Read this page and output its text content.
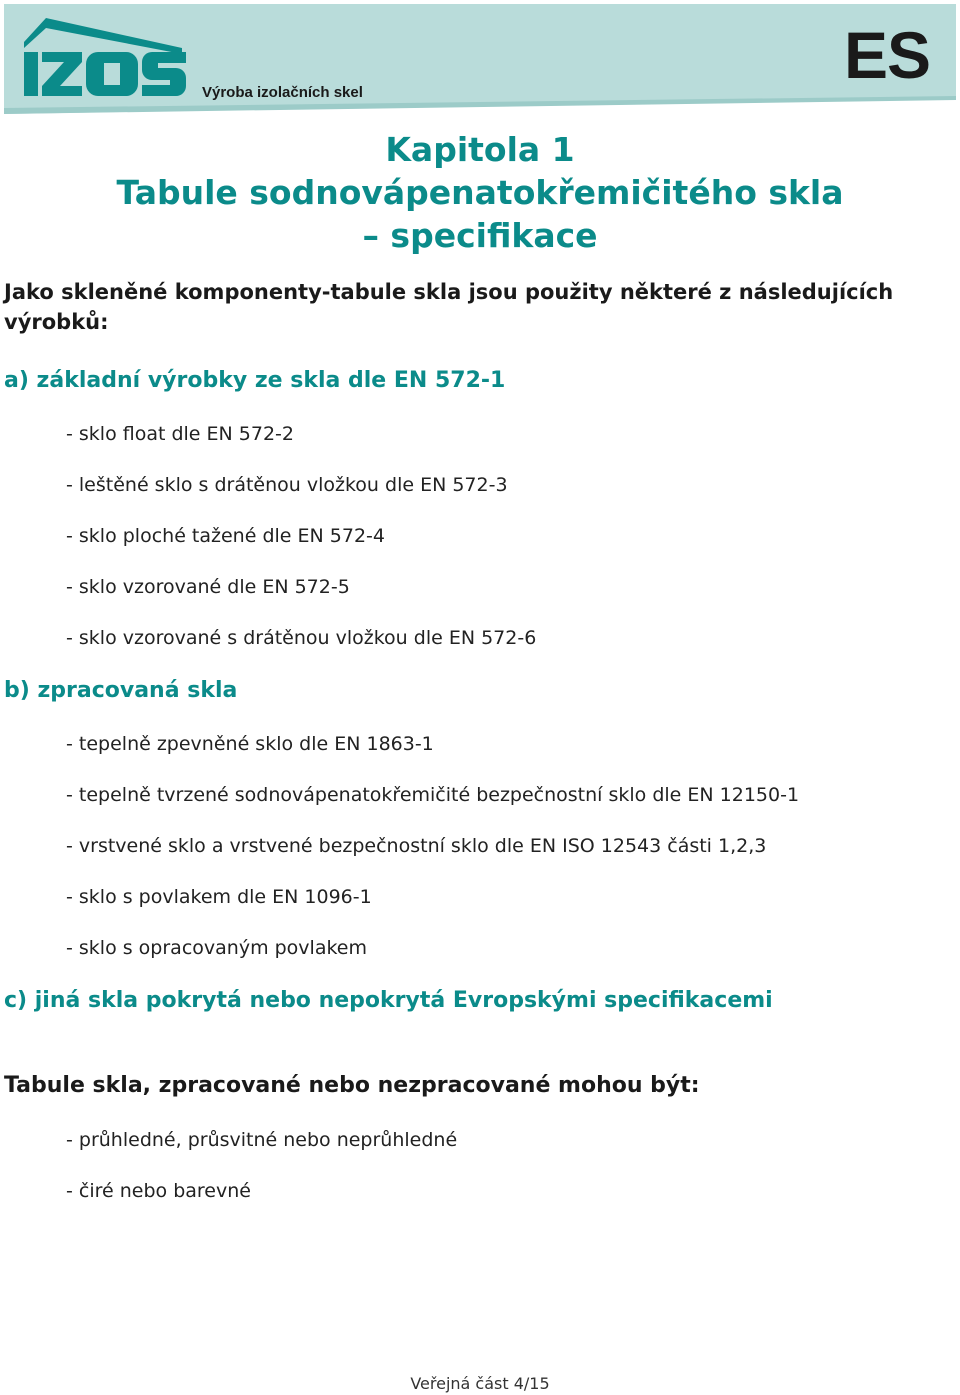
Výroba izolačních skel
ES
Kapitola 1
Tabule sodnovápenatokřemičitého skla
– specifikace
Jako skleněné komponenty-tabule skla jsou použity některé z následujících výrobků:
a) základní výrobky ze skla dle EN 572-1
- sklo float dle EN 572-2
- leštěné sklo s drátěnou vložkou dle EN 572-3
- sklo ploché tažené dle EN 572-4
- sklo vzorované dle EN 572-5
- sklo vzorované s drátěnou vložkou dle EN 572-6
b) zpracovaná skla
- tepelně zpevněné sklo dle EN 1863-1
- tepelně tvrzené sodnovápenatokřemičité bezpečnostní sklo dle EN 12150-1
- vrstvené sklo a vrstvené bezpečnostní sklo dle EN ISO 12543 části 1,2,3
- sklo s povlakem dle EN 1096-1
- sklo s opracovaným povlakem
c) jiná skla pokrytá nebo nepokrytá Evropskými specifikacemi
Tabule skla, zpracované nebo nezpracované mohou být:
- průhledné, průsvitné nebo neprůhledné
- čiré nebo barevné
Veřejná část 4/15
